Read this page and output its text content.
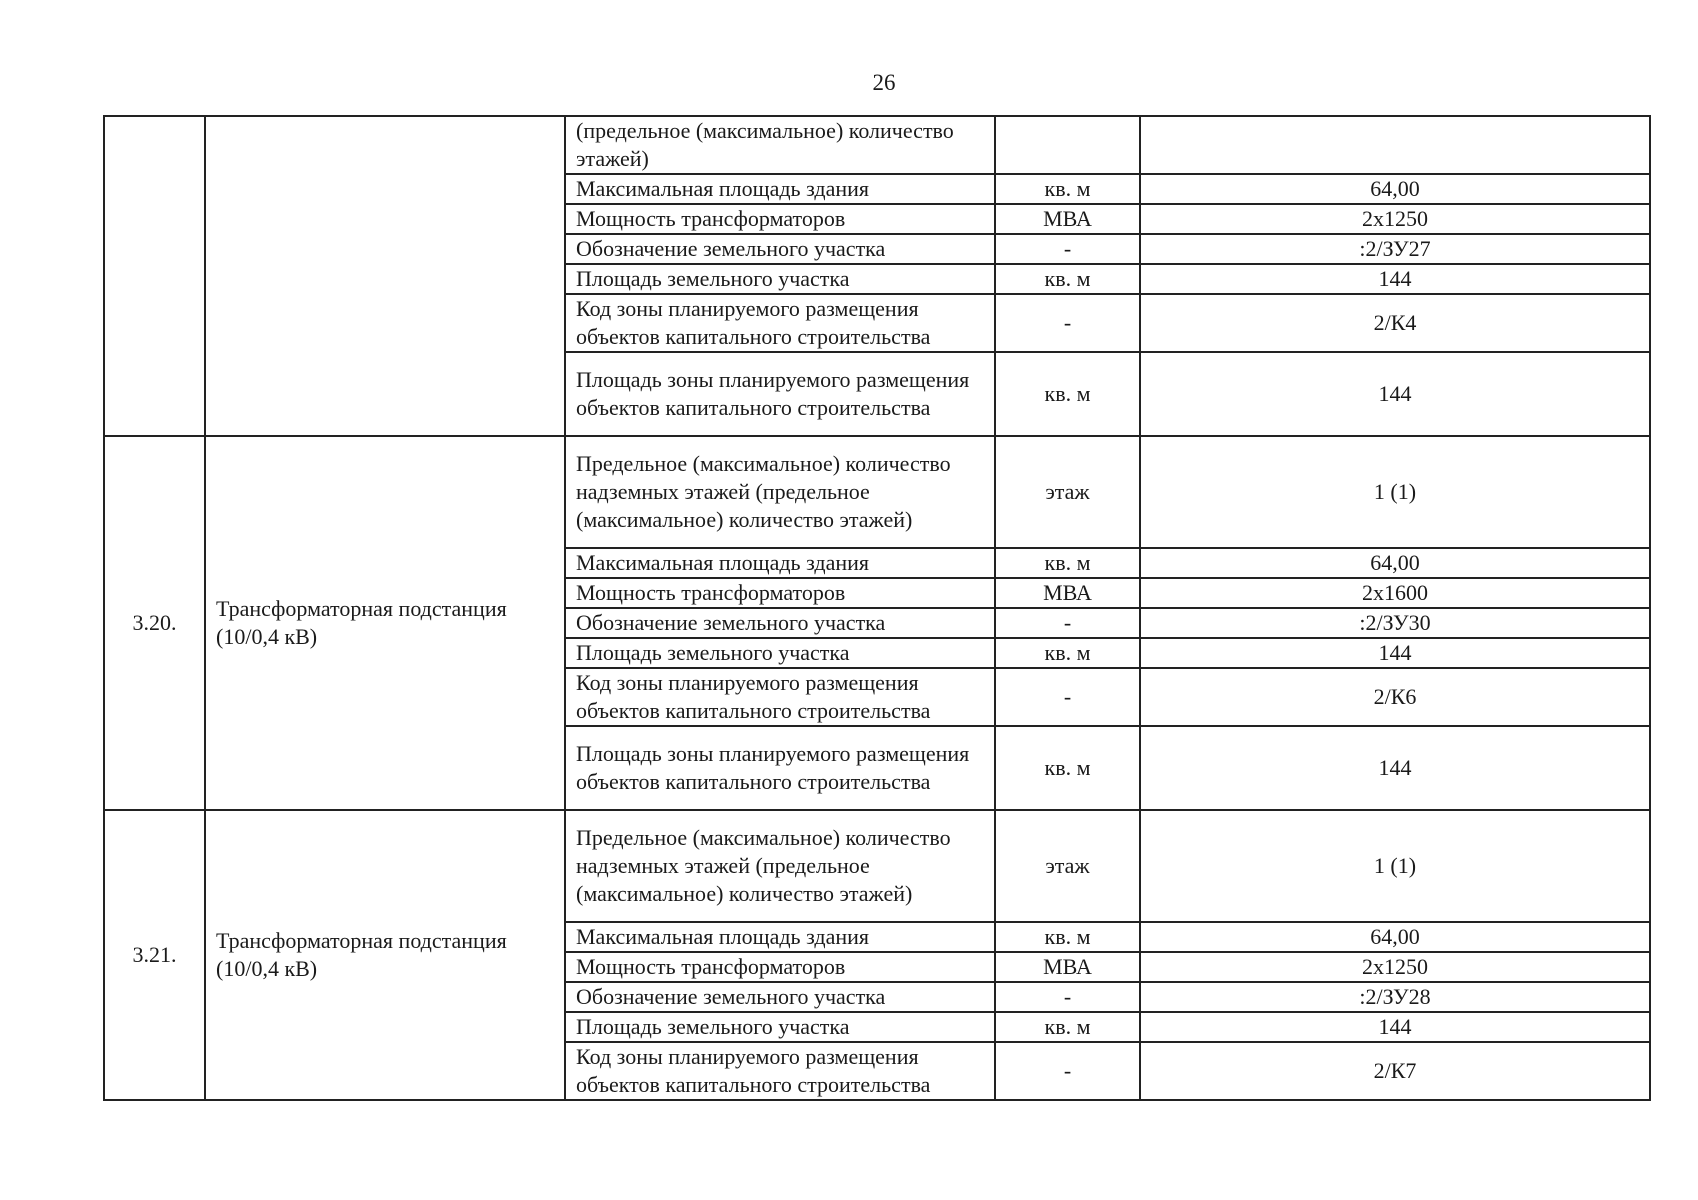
26
		(предельное (максимальное) количество этажей)		
		Максимальная площадь здания	кв. м	64,00
		Мощность трансформаторов	МВА	2х1250
		Обозначение земельного участка	-	:2/ЗУ27
		Площадь земельного участка	кв. м	144
		Код зоны планируемого размещения объектов капитального строительства	-	2/К4
		Площадь зоны планируемого размещения объектов капитального строительства	кв. м	144
3.20.	Трансформаторная подстанция (10/0,4 кВ)	Предельное (максимальное) количество надземных этажей (предельное (максимальное) количество этажей)	этаж	1 (1)
		Максимальная площадь здания	кв. м	64,00
		Мощность трансформаторов	МВА	2х1600
		Обозначение земельного участка	-	:2/ЗУ30
		Площадь земельного участка	кв. м	144
		Код зоны планируемого размещения объектов капитального строительства	-	2/К6
		Площадь зоны планируемого размещения объектов капитального строительства	кв. м	144
3.21.	Трансформаторная подстанция (10/0,4 кВ)	Предельное (максимальное) количество надземных этажей (предельное (максимальное) количество этажей)	этаж	1 (1)
		Максимальная площадь здания	кв. м	64,00
		Мощность трансформаторов	МВА	2х1250
		Обозначение земельного участка	-	:2/ЗУ28
		Площадь земельного участка	кв. м	144
		Код зоны планируемого размещения объектов капитального строительства	-	2/К7
